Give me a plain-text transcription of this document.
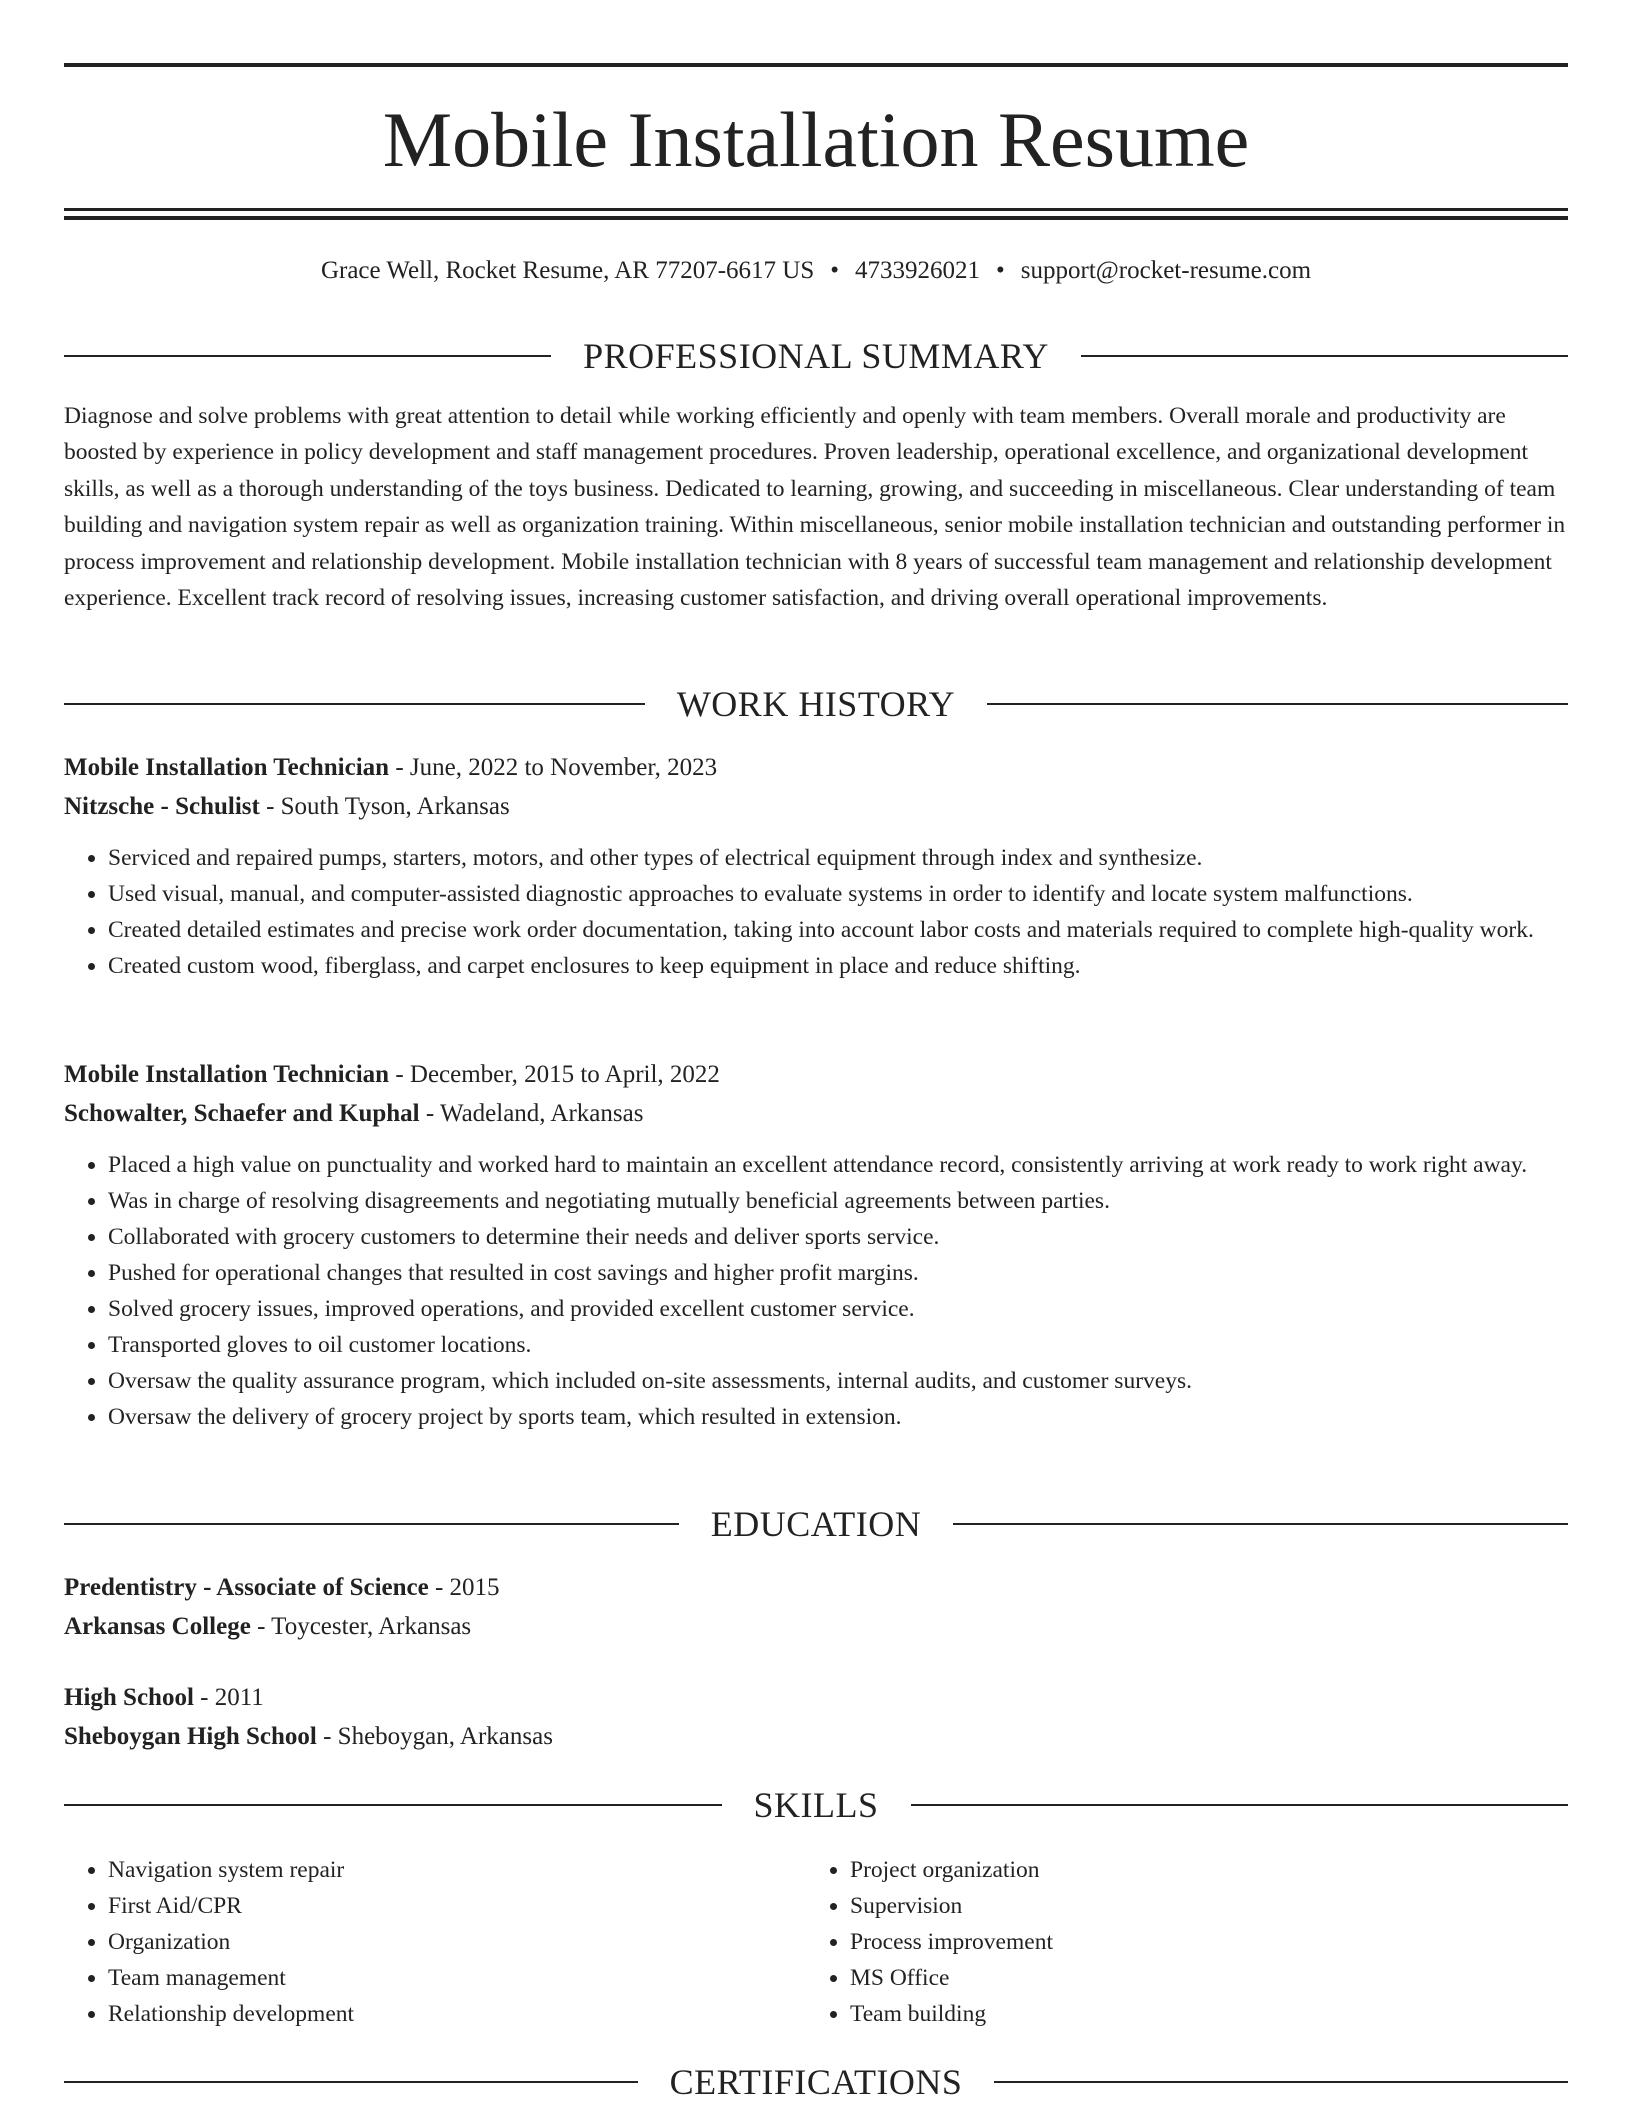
Mobile Installation Resume
Grace Well, Rocket Resume, AR 77207-6617 US • 4733926021 • support@rocket-resume.com
PROFESSIONAL SUMMARY

Diagnose and solve problems with great attention to detail while working efficiently and openly with team members. Overall morale and productivity are boosted by experience in policy development and staff management procedures. Proven leadership, operational excellence, and organizational development skills, as well as a thorough understanding of the toys business. Dedicated to learning, growing, and succeeding in miscellaneous. Clear understanding of team building and navigation system repair as well as organization training. Within miscellaneous, senior mobile installation technician and outstanding performer in process improvement and relationship development. Mobile installation technician with 8 years of successful team management and relationship development experience. Excellent track record of resolving issues, increasing customer satisfaction, and driving overall operational improvements.

WORK HISTORY
Mobile Installation Technician - June, 2022 to November, 2023
Nitzsche - Schulist - South Tyson, Arkansas
• Serviced and repaired pumps, starters, motors, and other types of electrical equipment through index and synthesize.
• Used visual, manual, and computer-assisted diagnostic approaches to evaluate systems in order to identify and locate system malfunctions.
• Created detailed estimates and precise work order documentation, taking into account labor costs and materials required to complete high-quality work.
• Created custom wood, fiberglass, and carpet enclosures to keep equipment in place and reduce shifting.
Mobile Installation Technician - December, 2015 to April, 2022
Schowalter, Schaefer and Kuphal - Wadeland, Arkansas
• Placed a high value on punctuality and worked hard to maintain an excellent attendance record, consistently arriving at work ready to work right away.
• Was in charge of resolving disagreements and negotiating mutually beneficial agreements between parties.
• Collaborated with grocery customers to determine their needs and deliver sports service.
• Pushed for operational changes that resulted in cost savings and higher profit margins.
• Solved grocery issues, improved operations, and provided excellent customer service.
• Transported gloves to oil customer locations.
• Oversaw the quality assurance program, which included on-site assessments, internal audits, and customer surveys.
• Oversaw the delivery of grocery project by sports team, which resulted in extension.
EDUCATION
Predentistry - Associate of Science - 2015
Arkansas College - Toycester, Arkansas
High School - 2011
Sheboygan High School - Sheboygan, Arkansas
SKILLS
• Navigation system repair
• First Aid/CPR
• Organization
• Team management
• Relationship development
• Project organization
• Supervision
• Process improvement
• MS Office
• Team building
CERTIFICATIONS
